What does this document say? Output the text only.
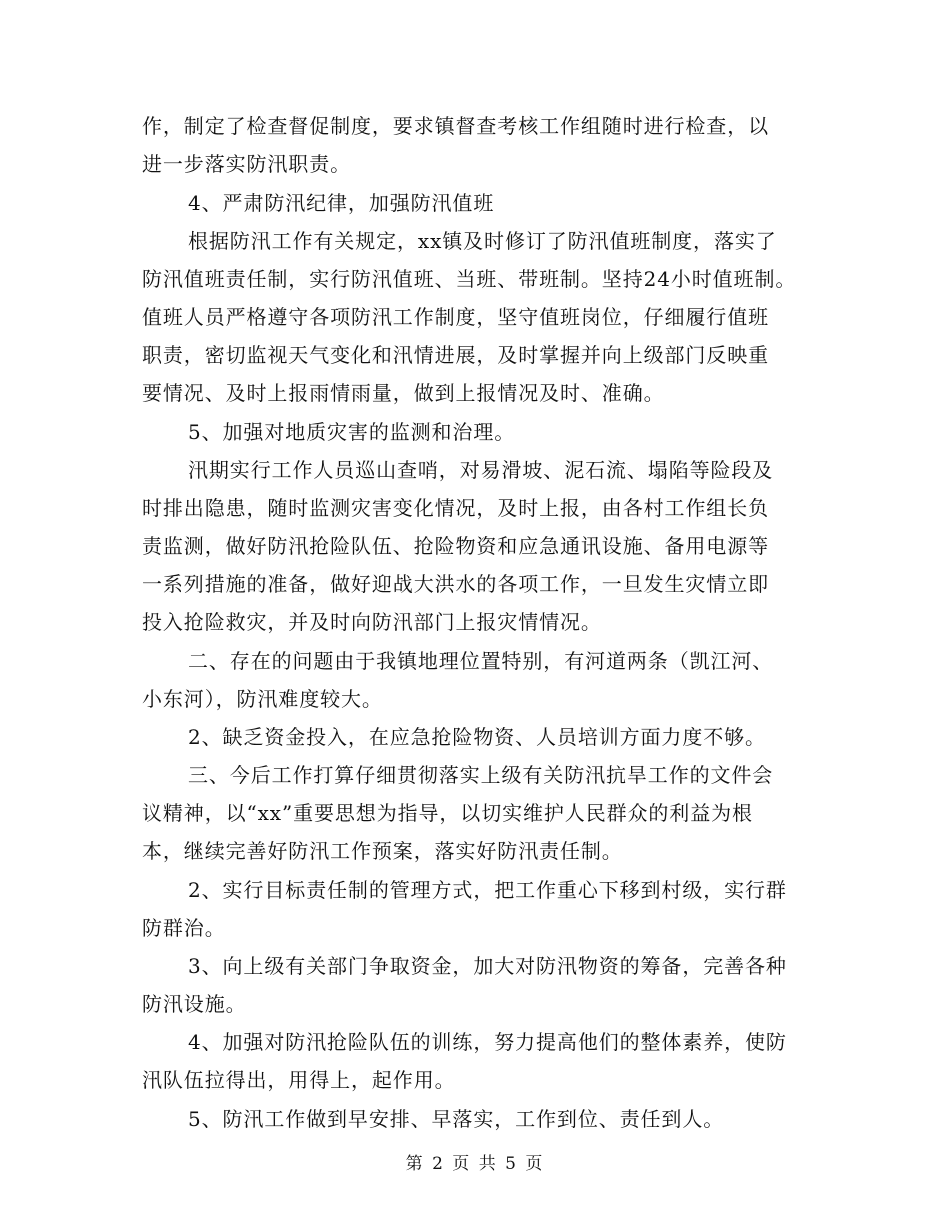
作，制定了检查督促制度，要求镇督查考核工作组随时进行检查，以
进一步落实防汛职责。
4、严肃防汛纪律，加强防汛值班
根据防汛工作有关规定，xx镇及时修订了防汛值班制度，落实了
防汛值班责任制，实行防汛值班、当班、带班制。坚持24小时值班制。
值班人员严格遵守各项防汛工作制度，坚守值班岗位，仔细履行值班
职责，密切监视天气变化和汛情进展，及时掌握并向上级部门反映重
要情况、及时上报雨情雨量，做到上报情况及时、准确。
5、加强对地质灾害的监测和治理。
汛期实行工作人员巡山查哨，对易滑坡、泥石流、塌陷等险段及
时排出隐患，随时监测灾害变化情况，及时上报，由各村工作组长负
责监测，做好防汛抢险队伍、抢险物资和应急通讯设施、备用电源等
一系列措施的准备，做好迎战大洪水的各项工作，一旦发生灾情立即
投入抢险救灾，并及时向防汛部门上报灾情情况。
二、存在的问题由于我镇地理位置特别，有河道两条（凯江河、
小东河），防汛难度较大。
2、缺乏资金投入，在应急抢险物资、人员培训方面力度不够。
三、今后工作打算仔细贯彻落实上级有关防汛抗旱工作的文件会
议精神，以“xx”重要思想为指导，以切实维护人民群众的利益为根
本，继续完善好防汛工作预案，落实好防汛责任制。
2、实行目标责任制的管理方式，把工作重心下移到村级，实行群
防群治。
3、向上级有关部门争取资金，加大对防汛物资的筹备，完善各种
防汛设施。
4、加强对防汛抢险队伍的训练，努力提高他们的整体素养，使防
汛队伍拉得出，用得上，起作用。
5、防汛工作做到早安排、早落实，工作到位、责任到人。
第 2 页 共 5 页
